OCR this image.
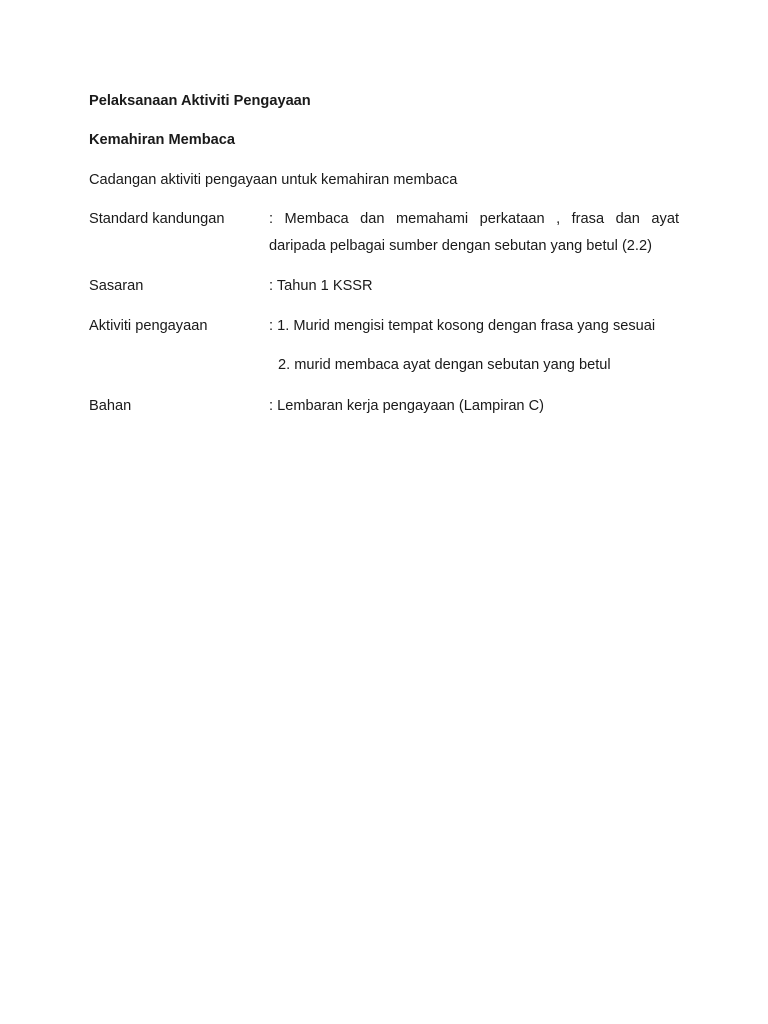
Pelaksanaan Aktiviti Pengayaan
Kemahiran Membaca
Cadangan aktiviti pengayaan untuk kemahiran membaca
Standard kandungan	: Membaca dan memahami perkataan , frasa dan ayat
daripada pelbagai sumber dengan sebutan yang betul (2.2)
Sasaran	: Tahun 1 KSSR
Aktiviti pengayaan	: 1. Murid mengisi tempat kosong dengan frasa yang sesuai
2. murid membaca ayat dengan sebutan yang betul
Bahan	: Lembaran kerja pengayaan (Lampiran C)
